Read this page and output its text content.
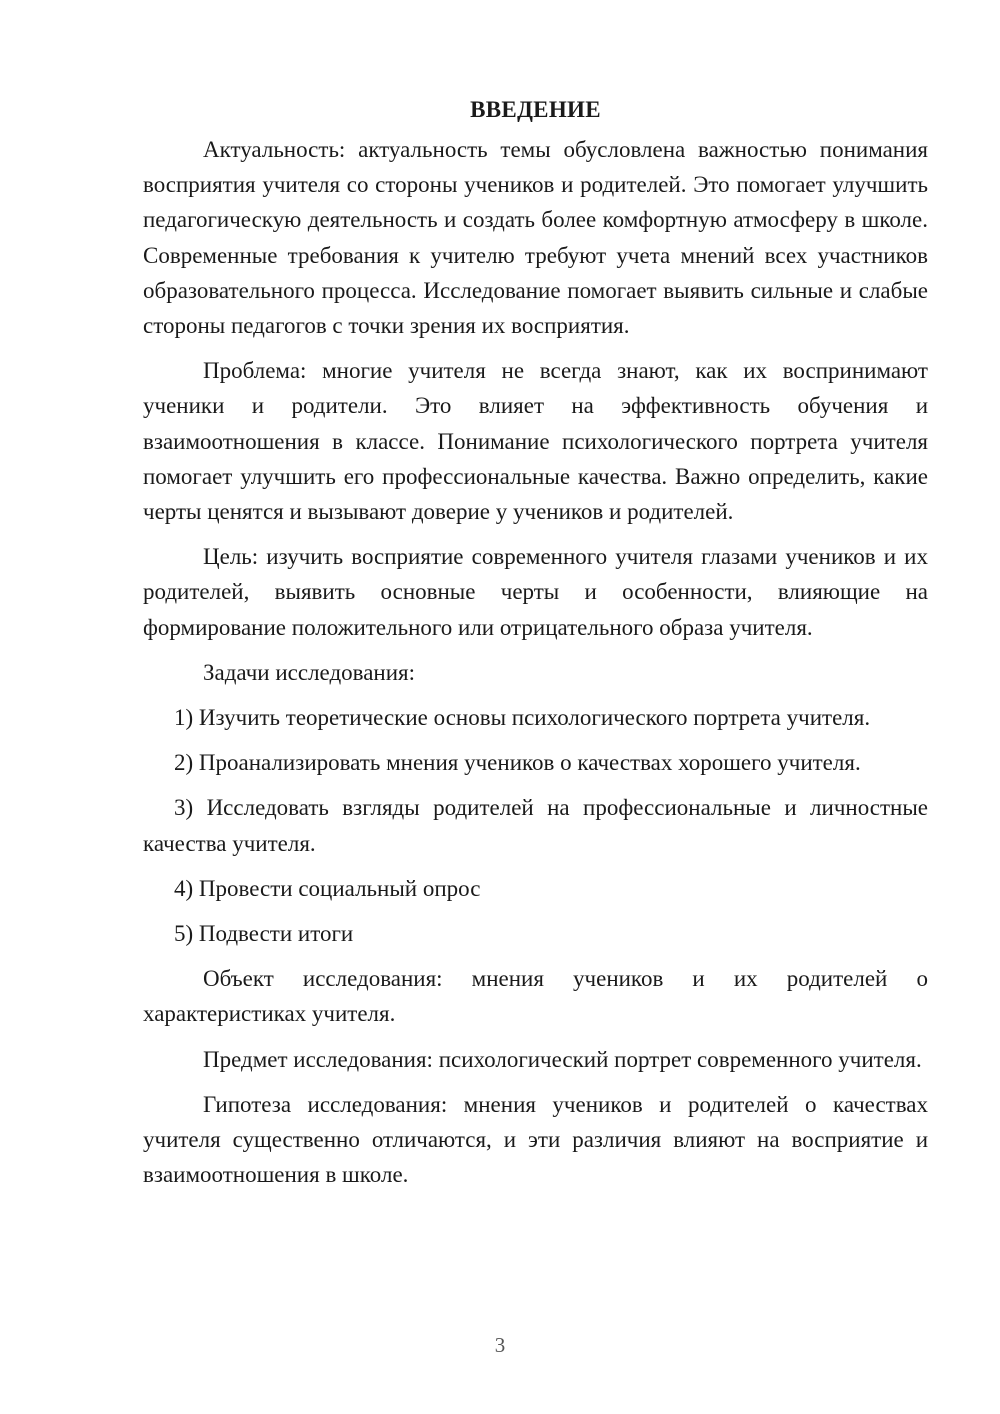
ВВЕДЕНИЕ

Актуальность: актуальность темы обусловлена важностью понимания восприятия учителя со стороны учеников и родителей. Это помогает улучшить педагогическую деятельность и создать более комфортную атмосферу в школе. Современные требования к учителю требуют учета мнений всех участников образовательного процесса. Исследование помогает выявить сильные и слабые стороны педагогов с точки зрения их восприятия.

Проблема: многие учителя не всегда знают, как их воспринимают ученики и родители. Это влияет на эффективность обучения и взаимоотношения в классе. Понимание психологического портрета учителя помогает улучшить его профессиональные качества. Важно определить, какие черты ценятся и вызывают доверие у учеников и родителей.

Цель: изучить восприятие современного учителя глазами учеников и их родителей, выявить основные черты и особенности, влияющие на формирование положительного или отрицательного образа учителя.

Задачи исследования:

1) Изучить теоретические основы психологического портрета учителя.

2) Проанализировать мнения учеников о качествах хорошего учителя.

3) Исследовать взгляды родителей на профессиональные и личностные качества учителя.

4) Провести социальный опрос

5) Подвести итоги

Объект исследования: мнения учеников и их родителей о характеристиках учителя.

Предмет исследования: психологический портрет современного учителя.

Гипотеза исследования: мнения учеников и родителей о качествах учителя существенно отличаются, и эти различия влияют на восприятие и взаимоотношения в школе.

3
